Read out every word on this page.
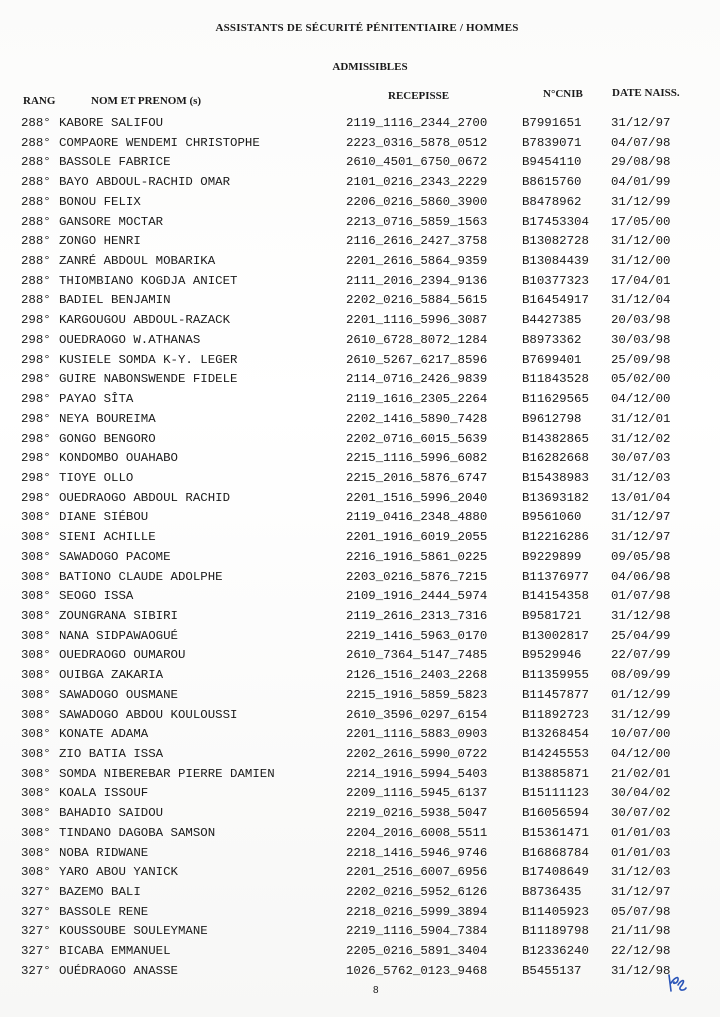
ASSISTANTS DE SÉCURITÉ PÉNITENTIAIRE / HOMMES
ADMISSIBLES
RANG	NOM ET PRENOM (s)	RECEPISSE	N°CNIB	DATE NAISS.
288° KABORE SALIFOU	2119_1116_2344_2700	B7991651 31/12/97
288° COMPAORE WENDEMI CHRISTOPHE	2223_0316_5878_0512	B7839071 04/07/98
288° BASSOLE FABRICE	2610_4501_6750_0672	B9454110 29/08/98
288° BAYO ABDOUL-RACHID OMAR	2101_0216_2343_2229	B8615760 04/01/99
288° BONOU FELIX	2206_0216_5860_3900	B8478962 31/12/99
288° GANSORE MOCTAR	2213_0716_5859_1563	B17453304 17/05/00
288° ZONGO HENRI	2116_2616_2427_3758	B13082728 31/12/00
288° ZANRÉ ABDOUL MOBARIKA	2201_2616_5864_9359	B13084439 31/12/00
288° THIOMBIANO KOGDJA ANICET	2111_2016_2394_9136	B10377323 17/04/01
288° BADIEL BENJAMIN	2202_0216_5884_5615	B16454917 31/12/04
298° KARGOUGOU ABDOUL-RAZACK	2201_1116_5996_3087	B4427385 20/03/98
298° OUEDRAOGO W.ATHANAS	2610_6728_8072_1284	B8973362 30/03/98
298° KUSIELE SOMDA K-Y. LEGER	2610_5267_6217_8596	B7699401 25/09/98
298° GUIRE NABONSWENDE FIDELE	2114_0716_2426_9839	B11843528 05/02/00
298° PAYAO SÎTA	2119_1616_2305_2264	B11629565 04/12/00
298° NEYA BOUREIMA	2202_1416_5890_7428	B9612798 31/12/01
298° GONGO BENGORO	2202_0716_6015_5639	B14382865 31/12/02
298° KONDOMBO OUAHABO	2215_1116_5996_6082	B16282668 30/07/03
298° TIOYE OLLO	2215_2016_5876_6747	B15438983 31/12/03
298° OUEDRAOGO ABDOUL RACHID	2201_1516_5996_2040	B13693182 13/01/04
308° DIANE SIÉBOU	2119_0416_2348_4880	B9561060 31/12/97
308° SIENI ACHILLE	2201_1916_6019_2055	B12216286 31/12/97
308° SAWADOGO PACOME	2216_1916_5861_0225	B9229899 09/05/98
308° BATIONO CLAUDE ADOLPHE	2203_0216_5876_7215	B11376977 04/06/98
308° SEOGO ISSA	2109_1916_2444_5974	B14154358 01/07/98
308° ZOUNGRANA SIBIRI	2119_2616_2313_7316	B9581721 31/12/98
308° NANA SIDPAWAOGUÉ	2219_1416_5963_0170	B13002817 25/04/99
308° OUEDRAOGO OUMAROU	2610_7364_5147_7485	B9529946 22/07/99
308° OUIBGA ZAKARIA	2126_1516_2403_2268	B11359955 08/09/99
308° SAWADOGO OUSMANE	2215_1916_5859_5823	B11457877 01/12/99
308° SAWADOGO ABDOU KOULOUSSI	2610_3596_0297_6154	B11892723 31/12/99
308° KONATE ADAMA	2201_1116_5883_0903	B13268454 10/07/00
308° ZIO BATIA ISSA	2202_2616_5990_0722	B14245553 04/12/00
308° SOMDA NIBEREBAR PIERRE DAMIEN	2214_1916_5994_5403	B13885871 21/02/01
308° KOALA ISSOUF	2209_1116_5945_6137	B15111123 30/04/02
308° BAHADIO SAIDOU	2219_0216_5938_5047	B16056594 30/07/02
308° TINDANO DAGOBA SAMSON	2204_2016_6008_5511	B15361471 01/01/03
308° NOBA RIDWANE	2218_1416_5946_9746	B16868784 01/01/03
308° YARO ABOU YANICK	2201_2516_6007_6956	B17408649 31/12/03
327° BAZEMO BALI	2202_0216_5952_6126	B8736435 31/12/97
327° BASSOLE RENE	2218_0216_5999_3894	B11405923 05/07/98
327° KOUSSOUBE SOULEYMANE	2219_1116_5904_7384	B11189798 21/11/98
327° BICABA EMMANUEL	2205_0216_5891_3404	B12336240 22/12/98
327° OUÉDRAOGO ANASSE	1026_5762_0123_9468	B5455137 31/12/98
8
